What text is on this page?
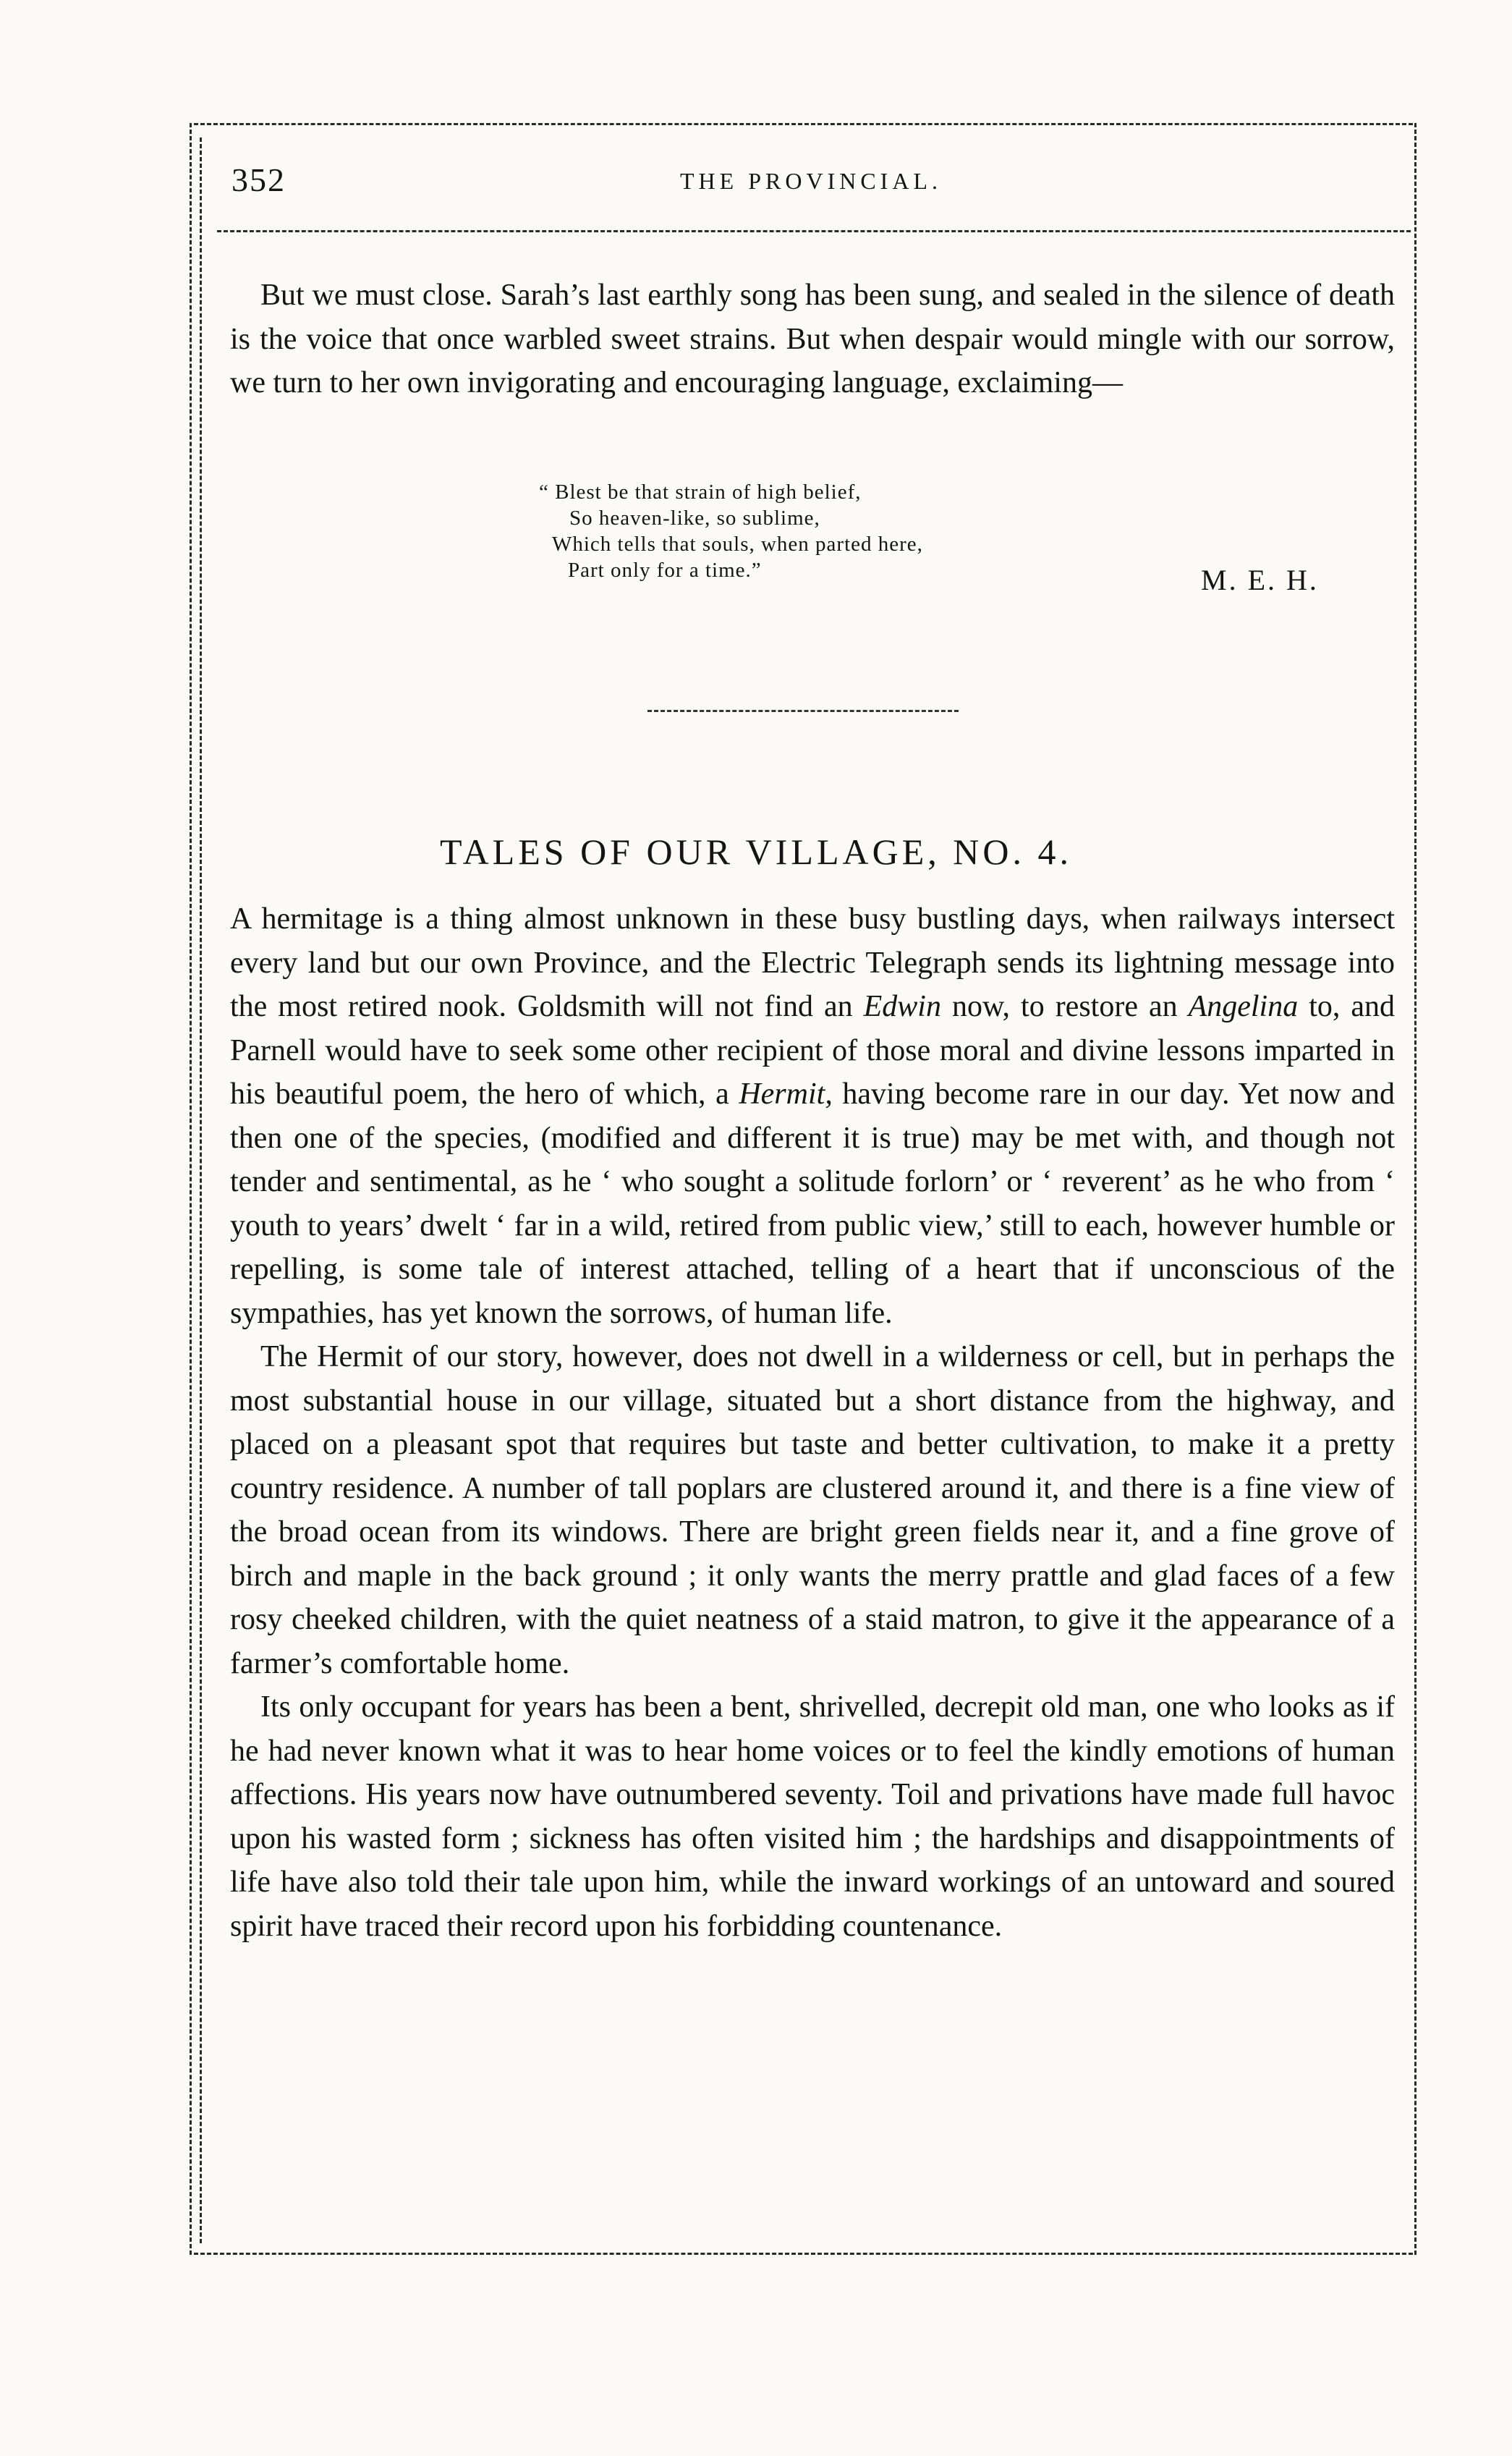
352	THE PROVINCIAL.

But we must close. Sarah’s last earthly song has been sung, and sealed in the silence of death is the voice that once warbled sweet strains. But when despair would mingle with our sorrow, we turn to her own invigorating and encouraging language, exclaiming—

“ Blest be that strain of high belief,
So heaven-like, so sublime,
Which tells that souls, when parted here,
Part only for a time.”	M. E. H.
TALES OF OUR VILLAGE, NO. 4.

A hermitage is a thing almost unknown in these busy bustling days, when railways intersect every land but our own Province, and the Electric Telegraph sends its lightning message into the most retired nook. Goldsmith will not find an Edwin now, to restore an Angelina to, and Parnell would have to seek some other recipient of those moral and divine lessons imparted in his beautiful poem, the hero of which, a Hermit, having become rare in our day. Yet now and then one of the species, (modified and different it is true) may be met with, and though not tender and sentimental, as he ‘ who sought a solitude forlorn’ or ‘ reverent’ as he who from ‘ youth to years’ dwelt ‘ far in a wild, retired from public view,’ still to each, however humble or repelling, is some tale of interest attached, telling of a heart that if unconscious of the sympathies, has yet known the sorrows, of human life.

The Hermit of our story, however, does not dwell in a wilderness or cell, but in perhaps the most substantial house in our village, situated but a short distance from the highway, and placed on a pleasant spot that requires but taste and better cultivation, to make it a pretty country residence. A number of tall poplars are clustered around it, and there is a fine view of the broad ocean from its windows. There are bright green fields near it, and a fine grove of birch and maple in the back ground ; it only wants the merry prattle and glad faces of a few rosy cheeked children, with the quiet neatness of a staid matron, to give it the appearance of a farmer’s comfortable home.

Its only occupant for years has been a bent, shrivelled, decrepit old man, one who looks as if he had never known what it was to hear home voices or to feel the kindly emotions of human affections. His years now have outnumbered seventy. Toil and privations have made full havoc upon his wasted form ; sickness has often visited him ; the hardships and disappointments of life have also told their tale upon him, while the inward workings of an untoward and soured spirit have traced their record upon his forbidding countenance.
